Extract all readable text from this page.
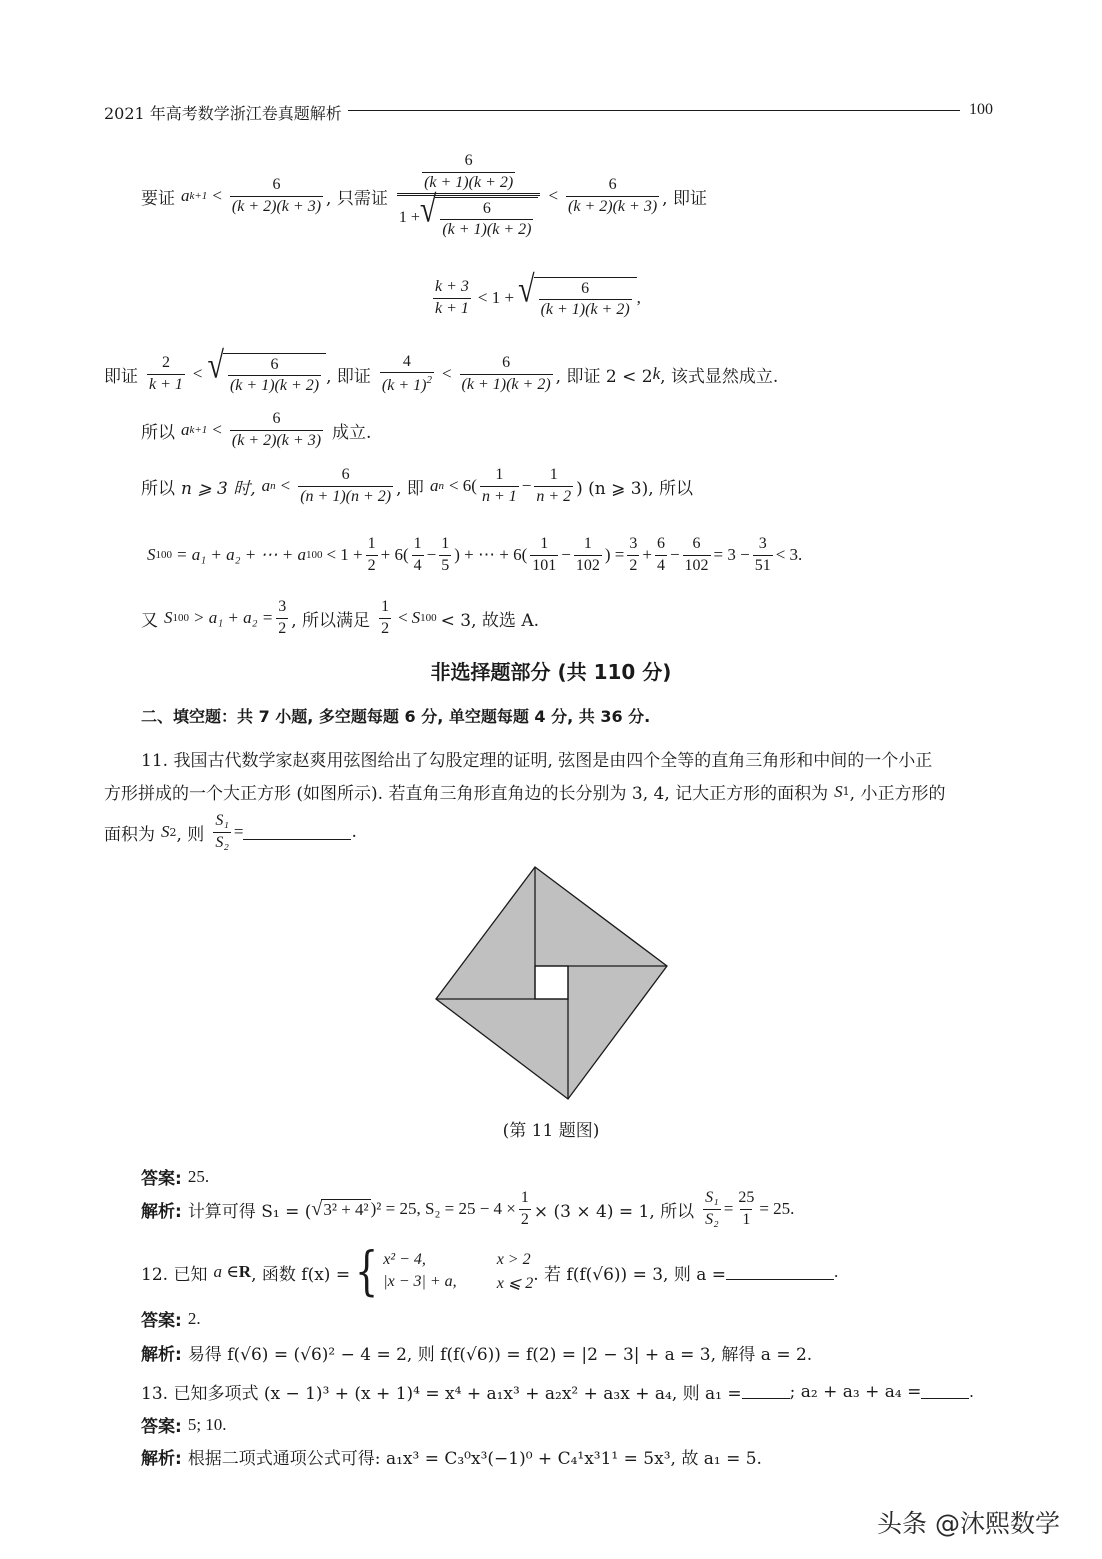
2021 年高考数学浙江卷真题解析	100
要证 a $k+1 < \frac{6}{(k + 2)(k + 3)}$ , 只需证 $\frac{\frac{6}{(k + 1)(k + 2)}}{1 + √ \frac{6}{(k + 1)(k + 2)}} < \frac{6}{(k + 2)(k + 3)}$ , 即证
$\frac{k + 3}{k + 1} < 1$ + √ $\frac{6}{(k + 1)(k + 2)}$ ,
即证 $\frac{2}{k + 1}$ < √ $\frac{6}{(k + 1)(k + 2)}$ , 即证 $\frac{4}{(k + 1)^2} < \frac{6}{(k + 1)(k + 2)}$ , 即证 2 < 2 k , 该式显然成立.
所以 a $k+1 < \frac{6}{(k + 2)(k + 3)}$ 成立.
所以 n ⩾ 3 时, a $n < \frac{6}{(n + 1)(n + 2)}$ , 即 a $n < 6( \frac{1}{n + 1} - \frac{1}{n + 2}$ ) (n ⩾ 3), 所以
S 100 = a₁ + a₂ + ⋯ + a $100 < 1 + \frac{1}{2} + 6( \frac{1}{4} - \frac{1}{5}$ ) + ⋯ + $6( \frac{1}{101} - \frac{1}{102}$ ) = $\frac{3}{2} + \frac{6}{4} - \frac{6}{102} = 3 - \frac{3}{51} < 3$.
又 S $100 > a_1 + a_2 = \frac{3}{2}$ , 所以满足 $\frac{1}{2} < S$ 100 < 3, 故选 A.
非选择题部分 (共 110 分)
二、填空题：共 7 小题, 多空题每题 6 分, 单空题每题 4 分, 共 36 分.
11. 我国古代数学家赵爽用弦图给出了勾股定理的证明, 弦图是由四个全等的直角三角形和中间的一个小正
方形拼成的一个大正方形 (如图所示). 若直角三角形直角边的长分别为 3, 4, 记大正方形的面积为 S 1 , 小正方形的
面积为 S 2 , 则 $\frac{\text{S₁}}{\text{S₂}}$ =	.
(第 11 题图)
答案: 25.
解析: 计算可得 S₁ = ( √ 3² + 4² )² = 25, $S_2 = 25 - 4 \times \frac{1}{2} \times (3 \times 4) = 1$, 所以 $\frac{\text{S₁}}{\text{S₂}} = \frac{25}{1} = 25$.
12. 已知 a ∈ R , 函数 f(x) = { x² − 4,	x > 2
|x − 3| + a,	x ⩽ 2 . 若 f(f(√6)) = 3, 则 a =	.
答案: 2.
解析: 易得 f(√6) = (√6)² − 4 = 2, 则 f(f(√6)) = f(2) = |2 − 3| + a = 3, 解得 a = 2.
13. 已知多项式 (x − 1)³ + (x + 1)⁴ = x⁴ + a₁x³ + a₂x² + a₃x + a₄, 则 a₁ =	; a₂ + a₃ + a₄ =	.
答案: 5; 10.
解析: 根据二项式通项公式可得: a₁x³ = C₃⁰x³(−1)⁰ + C₄¹x³1¹ = 5x³, 故 a₁ = 5.
头条 @沐熙数学
